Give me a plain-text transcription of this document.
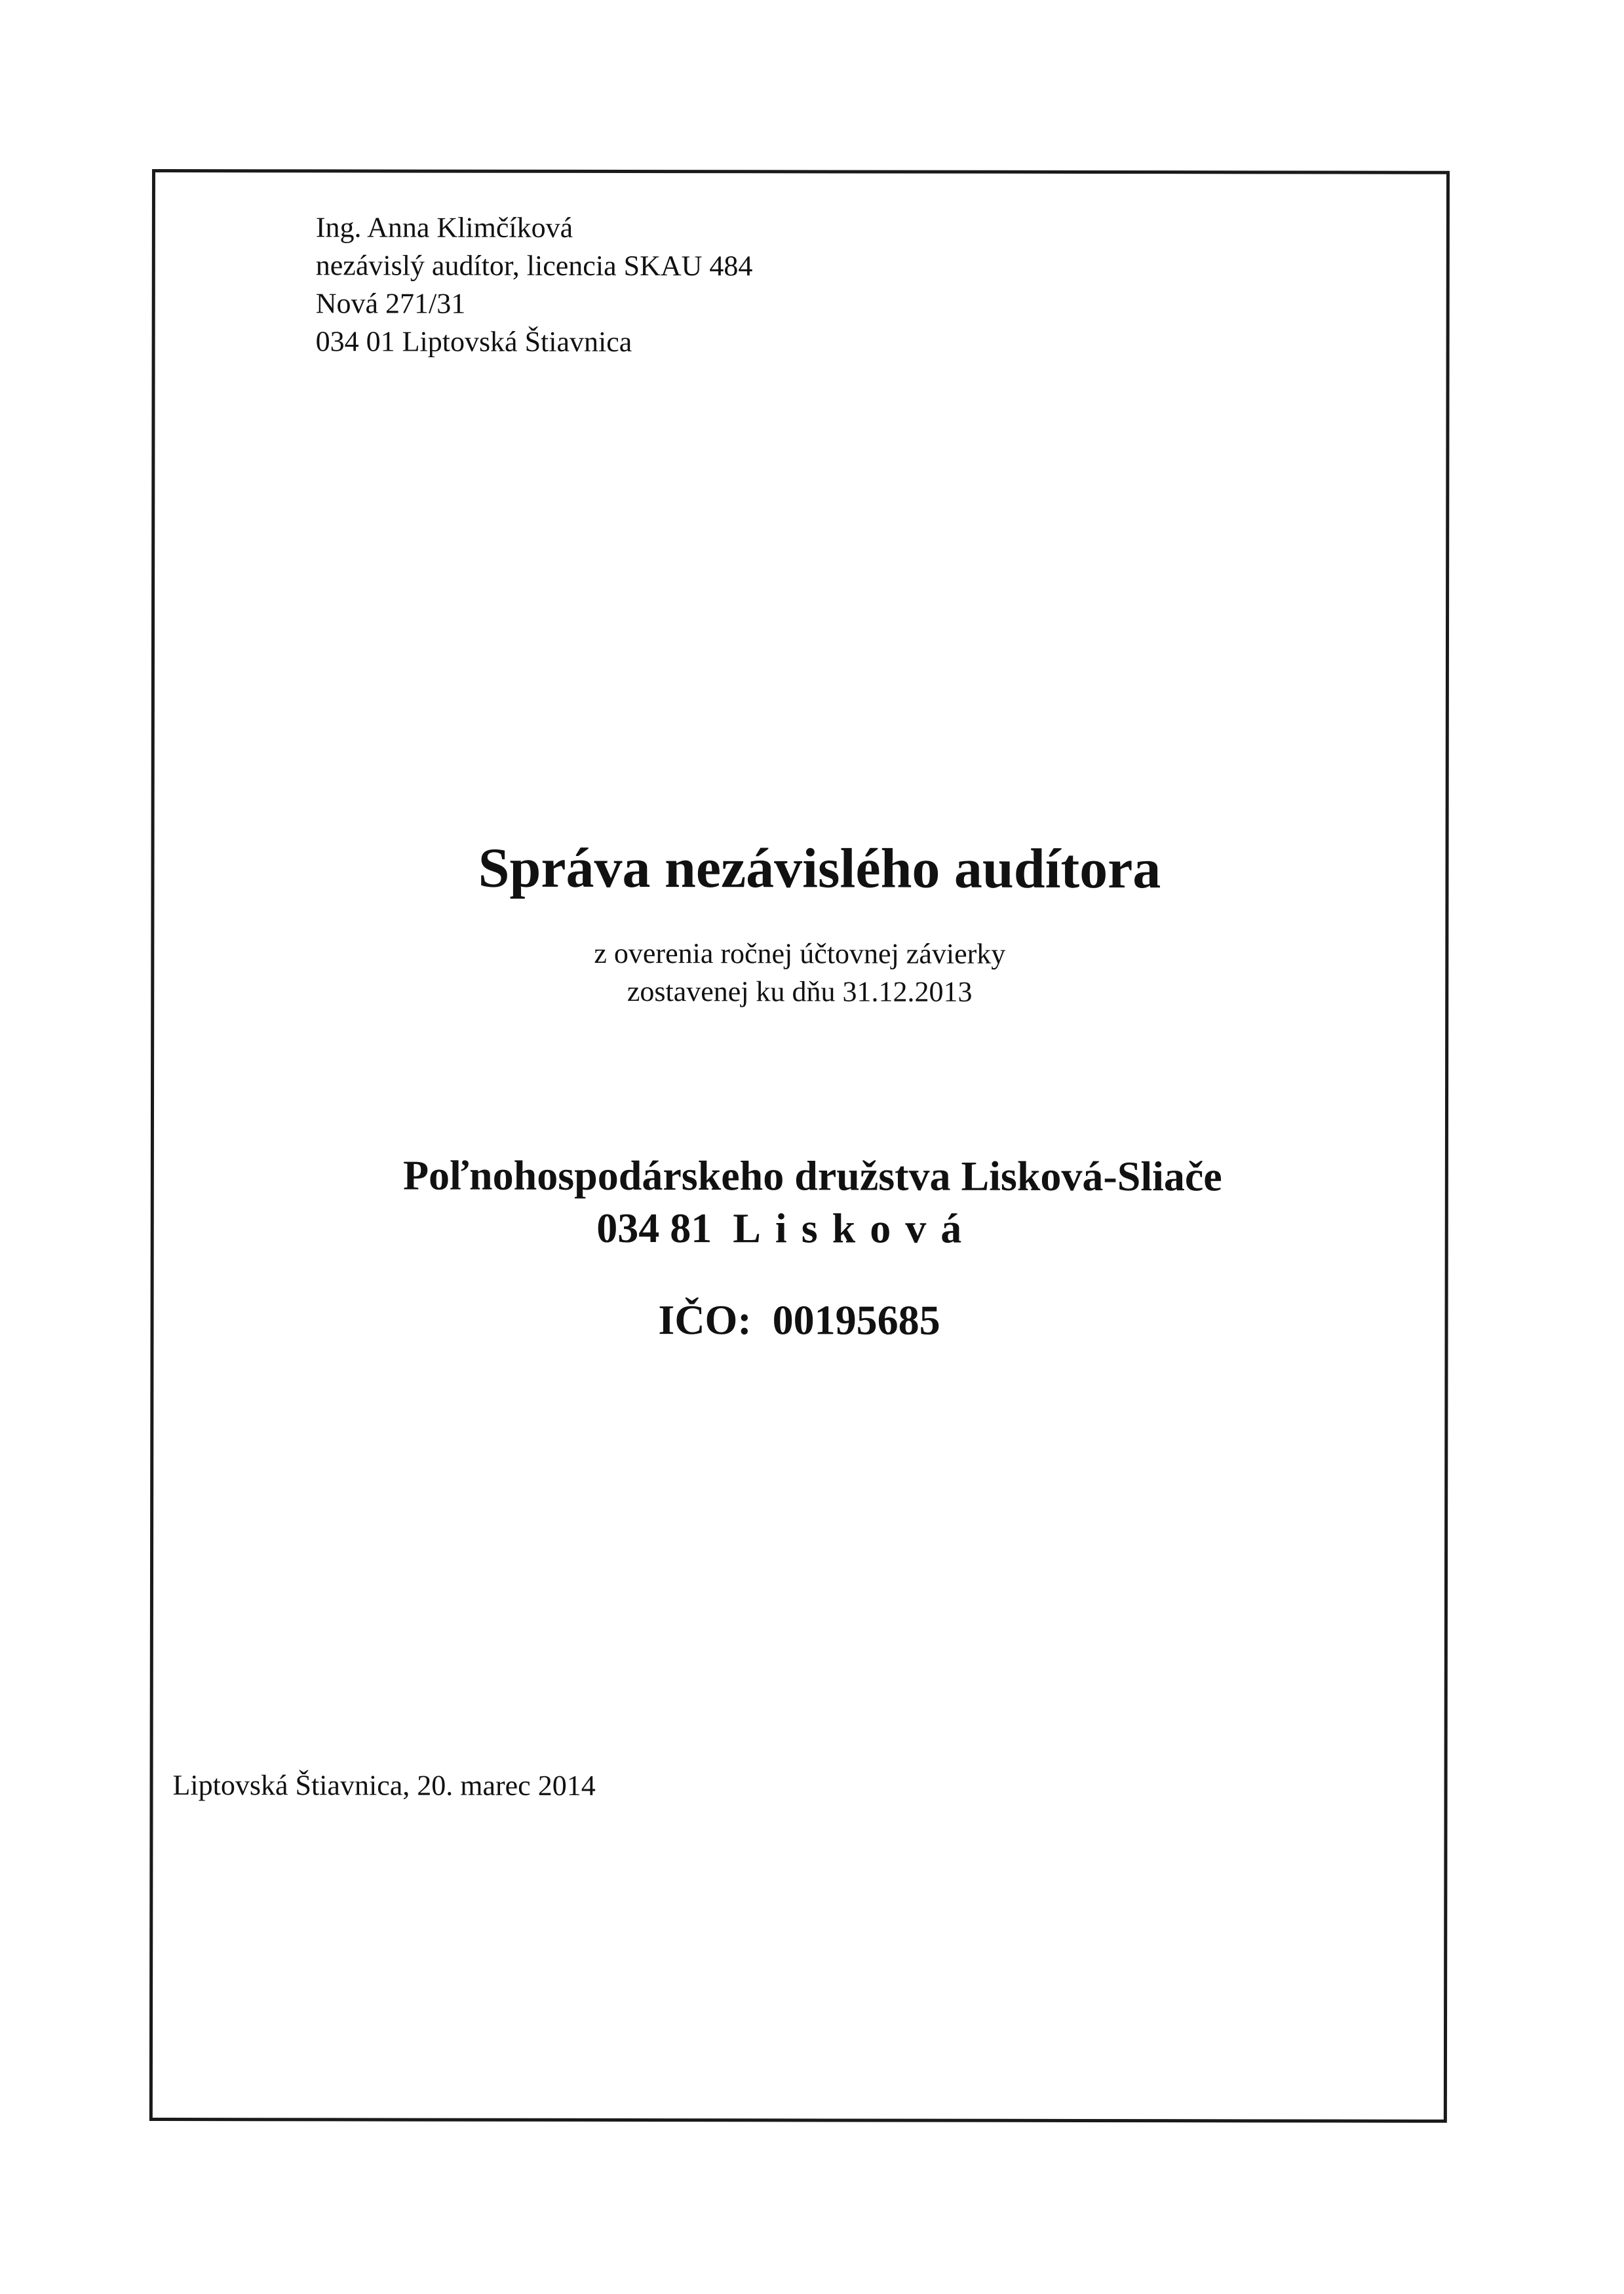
Ing. Anna Klimčíková
nezávislý audítor, licencia SKAU 484
Nová 271/31
034 01 Liptovská Štiavnica
Správa nezávislého audítora
z overenia ročnej účtovnej závierky
zostavenej ku dňu 31.12.2013
Poľnohospodárskeho družstva Lisková-Sliače
034 81 Lisková
IČO: 00195685
Liptovská Štiavnica, 20. marec 2014
